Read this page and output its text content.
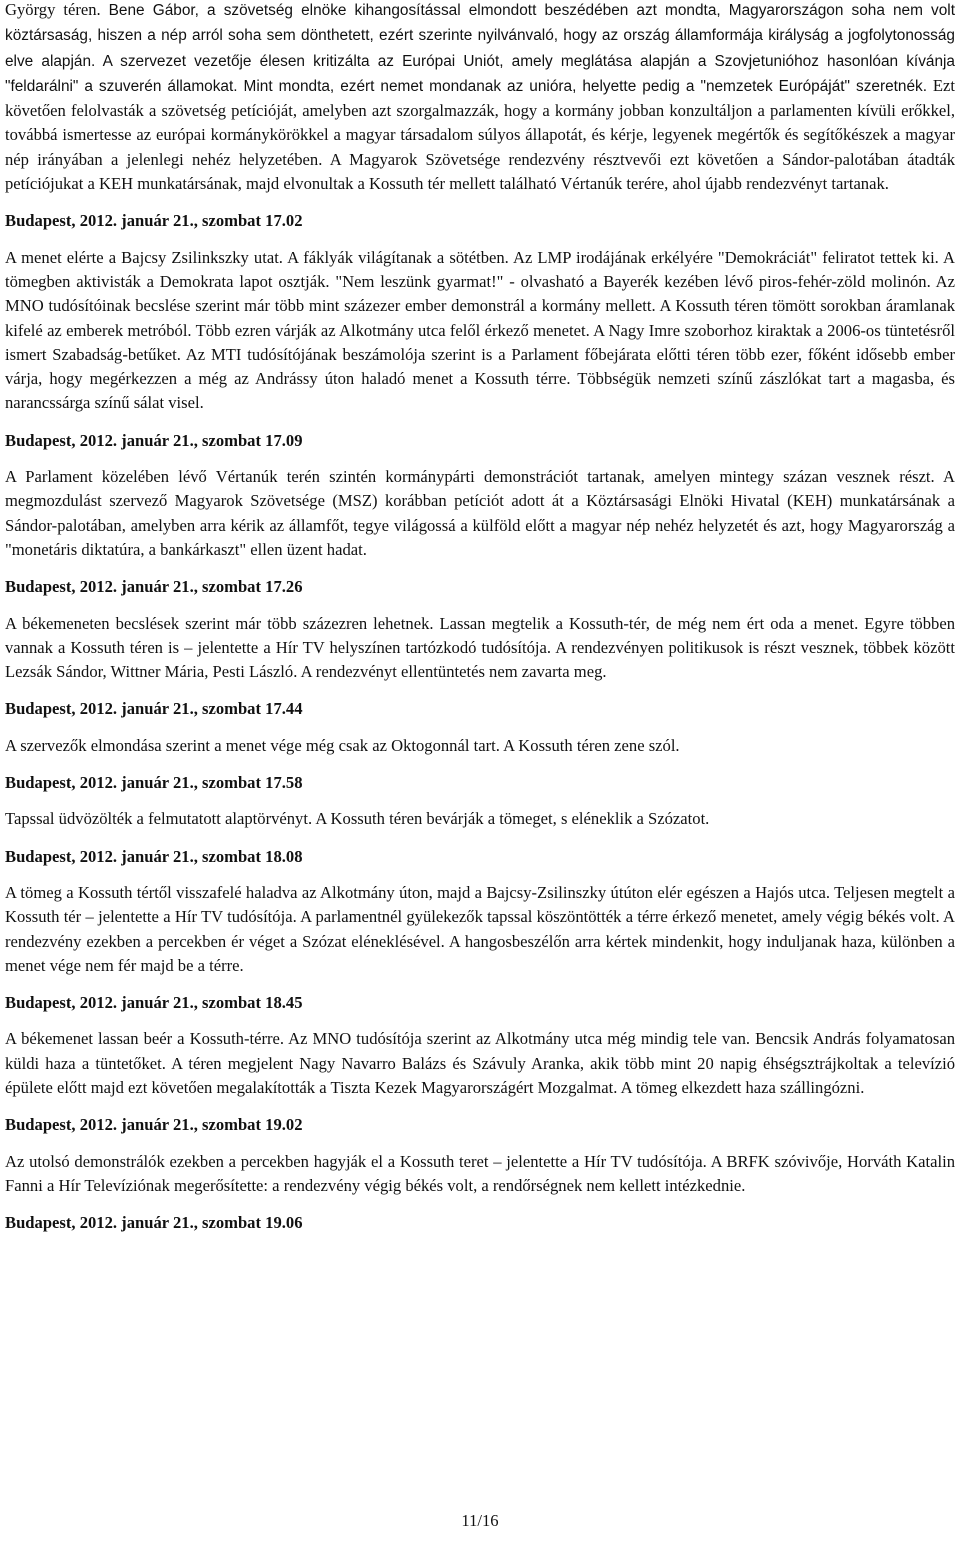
György téren. Bene Gábor, a szövetség elnöke kihangosítással elmondott beszédében azt mondta, Magyarországon soha nem volt köztársaság, hiszen a nép arról soha sem dönthetett, ezért szerinte nyilvánvaló, hogy az ország államformája királyság a jogfolytonosság elve alapján. A szervezet vezetője élesen kritizálta az Európai Uniót, amely meglátása alapján a Szovjetunióhoz hasonlóan kívánja "feldarálni" a szuverén államokat. Mint mondta, ezért nemet mondanak az unióra, helyette pedig a "nemzetek Európáját" szeretnék. Ezt követően felolvasták a szövetség petícióját, amelyben azt szorgalmazzák, hogy a kormány jobban konzultáljon a parlamenten kívüli erőkkel, továbbá ismertesse az európai kormánykörökkel a magyar társadalom súlyos állapotát, és kérje, legyenek megértők és segítőkészek a magyar nép irányában a jelenlegi nehéz helyzetében. A Magyarok Szövetsége rendezvény résztvevői ezt követően a Sándor-palotában átadták petíciójukat a KEH munkatársának, majd elvonultak a Kossuth tér mellett található Vértanúk terére, ahol újabb rendezvényt tartanak.

Budapest, 2012. január 21., szombat 17.02

A menet elérte a Bajcsy Zsilinkszky utat. A fáklyák világítanak a sötétben. Az LMP irodájának erkélyére "Demokráciát" feliratot tettek ki. A tömegben aktivisták a Demokrata lapot osztják. "Nem leszünk gyarmat!" - olvasható a Bayerék kezében lévő piros-fehér-zöld molinón. Az MNO tudósítóinak becslése szerint már több mint százezer ember demonstrál a kormány mellett. A Kossuth téren tömött sorokban áramlanak kifelé az emberek metróból. Több ezren várják az Alkotmány utca felől érkező menetet. A Nagy Imre szoborhoz kiraktak a 2006-os tüntetésről ismert Szabadság-betűket. Az MTI tudósítójának beszámolója szerint is a Parlament főbejárata előtti téren több ezer, főként idősebb ember várja, hogy megérkezzen a még az Andrássy úton haladó menet a Kossuth térre. Többségük nemzeti színű zászlókat tart a magasba, és narancssárga színű sálat visel.

Budapest, 2012. január 21., szombat 17.09

A Parlament közelében lévő Vértanúk terén szintén kormánypárti demonstrációt tartanak, amelyen mintegy százan vesznek részt. A megmozdulást szervező Magyarok Szövetsége (MSZ) korábban petíciót adott át a Köztársasági Elnöki Hivatal (KEH) munkatársának a Sándor-palotában, amelyben arra kérik az államfőt, tegye világossá a külföld előtt a magyar nép nehéz helyzetét és azt, hogy Magyarország a "monetáris diktatúra, a bankárkaszt" ellen üzent hadat.

Budapest, 2012. január 21., szombat 17.26

A békemeneten becslések szerint már több százezren lehetnek. Lassan megtelik a Kossuth-tér, de még nem ért oda a menet. Egyre többen vannak a Kossuth téren is – jelentette a Hír TV helyszínen tartózkodó tudósítója. A rendezvényen politikusok is részt vesznek, többek között Lezsák Sándor, Wittner Mária, Pesti László. A rendezvényt ellentüntetés nem zavarta meg.

Budapest, 2012. január 21., szombat 17.44

A szervezők elmondása szerint a menet vége még csak az Oktogonnál tart. A Kossuth téren zene szól.

Budapest, 2012. január 21., szombat 17.58

Tapssal üdvözölték a felmutatott alaptörvényt. A Kossuth téren bevárják a tömeget, s eléneklik a Szózatot.

Budapest, 2012. január 21., szombat 18.08

A tömeg a Kossuth tértől visszafelé haladva az Alkotmány úton, majd a Bajcsy-Zsilinszky útúton elér egészen a Hajós utca. Teljesen megtelt a Kossuth tér – jelentette a Hír TV tudósítója. A parlamentnél gyülekezők tapssal köszöntötték a térre érkező menetet, amely végig békés volt. A rendezvény ezekben a percekben ér véget a Szózat eléneklésével. A hangosbeszélőn arra kértek mindenkit, hogy induljanak haza, különben a menet vége nem fér majd be a térre.

Budapest, 2012. január 21., szombat 18.45

A békemenet lassan beér a Kossuth-térre. Az MNO tudósítója szerint az Alkotmány utca még mindig tele van. Bencsik András folyamatosan küldi haza a tüntetőket. A téren megjelent Nagy Navarro Balázs és Szávuly Aranka, akik több mint 20 napig éhségsztrájkoltak a televízió épülete előtt majd ezt követően megalakították a Tiszta Kezek Magyarországért Mozgalmat. A tömeg elkezdett haza szállingózni.

Budapest, 2012. január 21., szombat 19.02

Az utolsó demonstrálók ezekben a percekben hagyják el a Kossuth teret – jelentette a Hír TV tudósítója. A BRFK szóvivője, Horváth Katalin Fanni a Hír Televíziónak megerősítette: a rendezvény végig békés volt, a rendőrségnek nem kellett intézkednie.

Budapest, 2012. január 21., szombat 19.06

11/16
